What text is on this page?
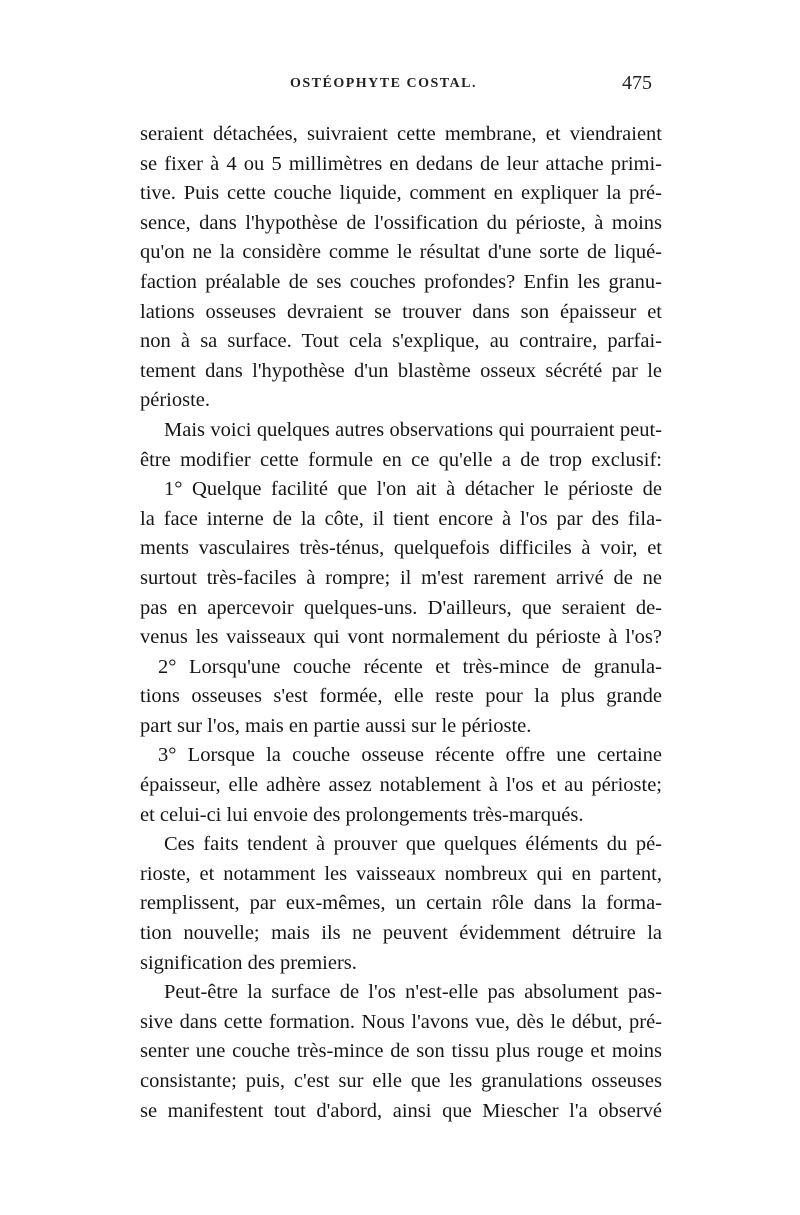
OSTÉOPHYTE COSTAL.	475
seraient détachées, suivraient cette membrane, et viendraient
se fixer à 4 ou 5 millimètres en dedans de leur attache primi-
tive. Puis cette couche liquide, comment en expliquer la pré-
sence, dans l'hypothèse de l'ossification du périoste, à moins
qu'on ne la considère comme le résultat d'une sorte de liqué-
faction préalable de ses couches profondes? Enfin les granu-
lations osseuses devraient se trouver dans son épaisseur et
non à sa surface. Tout cela s'explique, au contraire, parfai-
tement dans l'hypothèse d'un blastème osseux sécrété par le
périoste.
Mais voici quelques autres observations qui pourraient peut-
être modifier cette formule en ce qu'elle a de trop exclusif:
1° Quelque facilité que l'on ait à détacher le périoste de
la face interne de la côte, il tient encore à l'os par des fila-
ments vasculaires très-ténus, quelquefois difficiles à voir, et
surtout très-faciles à rompre; il m'est rarement arrivé de ne
pas en apercevoir quelques-uns. D'ailleurs, que seraient de-
venus les vaisseaux qui vont normalement du périoste à l'os?
2° Lorsqu'une couche récente et très-mince de granula-
tions osseuses s'est formée, elle reste pour la plus grande
part sur l'os, mais en partie aussi sur le périoste.
3° Lorsque la couche osseuse récente offre une certaine
épaisseur, elle adhère assez notablement à l'os et au périoste;
et celui-ci lui envoie des prolongements très-marqués.
Ces faits tendent à prouver que quelques éléments du pé-
rioste, et notamment les vaisseaux nombreux qui en partent,
remplissent, par eux-mêmes, un certain rôle dans la forma-
tion nouvelle; mais ils ne peuvent évidemment détruire la
signification des premiers.
Peut-être la surface de l'os n'est-elle pas absolument pas-
sive dans cette formation. Nous l'avons vue, dès le début, pré-
senter une couche très-mince de son tissu plus rouge et moins
consistante; puis, c'est sur elle que les granulations osseuses
se manifestent tout d'abord, ainsi que Miescher l'a observé
